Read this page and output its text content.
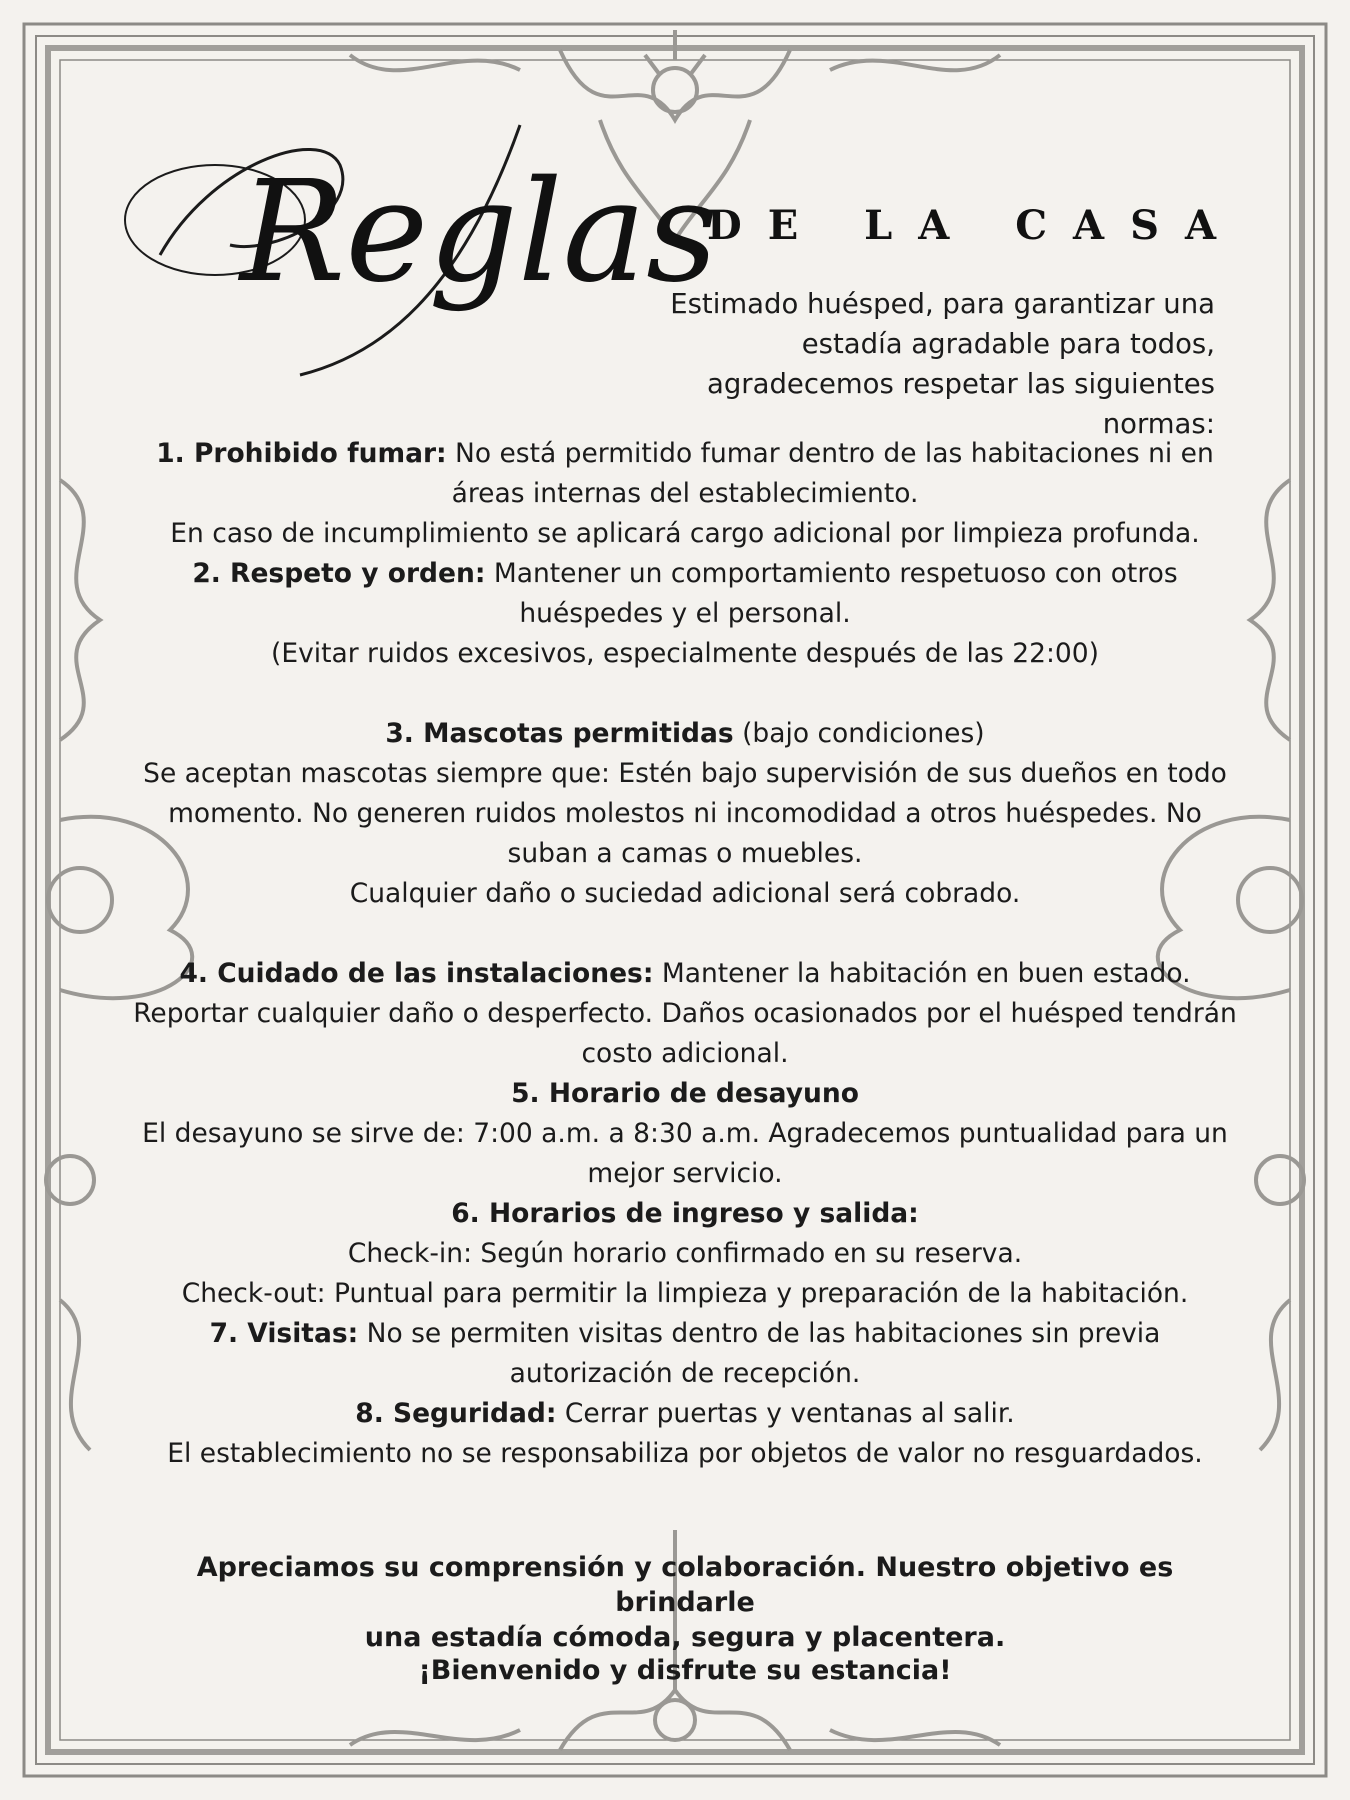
Reglas
DE LA CASA
Estimado huésped, para garantizar una estadía agradable para todos, agradecemos respetar las siguientes normas:

1. Prohibido fumar: No está permitido fumar dentro de las habitaciones ni en áreas internas del establecimiento.

En caso de incumplimiento se aplicará cargo adicional por limpieza profunda.

2. Respeto y orden: Mantener un comportamiento respetuoso con otros huéspedes y el personal.

(Evitar ruidos excesivos, especialmente después de las 22:00)

3. Mascotas permitidas (bajo condiciones)

Se aceptan mascotas siempre que: Estén bajo supervisión de sus dueños en todo momento. No generen ruidos molestos ni incomodidad a otros huéspedes. No suban a camas o muebles.

Cualquier daño o suciedad adicional será cobrado.

4. Cuidado de las instalaciones: Mantener la habitación en buen estado. Reportar cualquier daño o desperfecto. Daños ocasionados por el huésped tendrán costo adicional.

5. Horario de desayuno

El desayuno se sirve de: 7:00 a.m. a 8:30 a.m. Agradecemos puntualidad para un mejor servicio.

6. Horarios de ingreso y salida:

Check-in: Según horario confirmado en su reserva.

Check-out: Puntual para permitir la limpieza y preparación de la habitación.

7. Visitas: No se permiten visitas dentro de las habitaciones sin previa autorización de recepción.

8. Seguridad: Cerrar puertas y ventanas al salir.

El establecimiento no se responsabiliza por objetos de valor no resguardados.

Apreciamos su comprensión y colaboración. Nuestro objetivo es brindarle

una estadía cómoda, segura y placentera.

¡Bienvenido y disfrute su estancia!
